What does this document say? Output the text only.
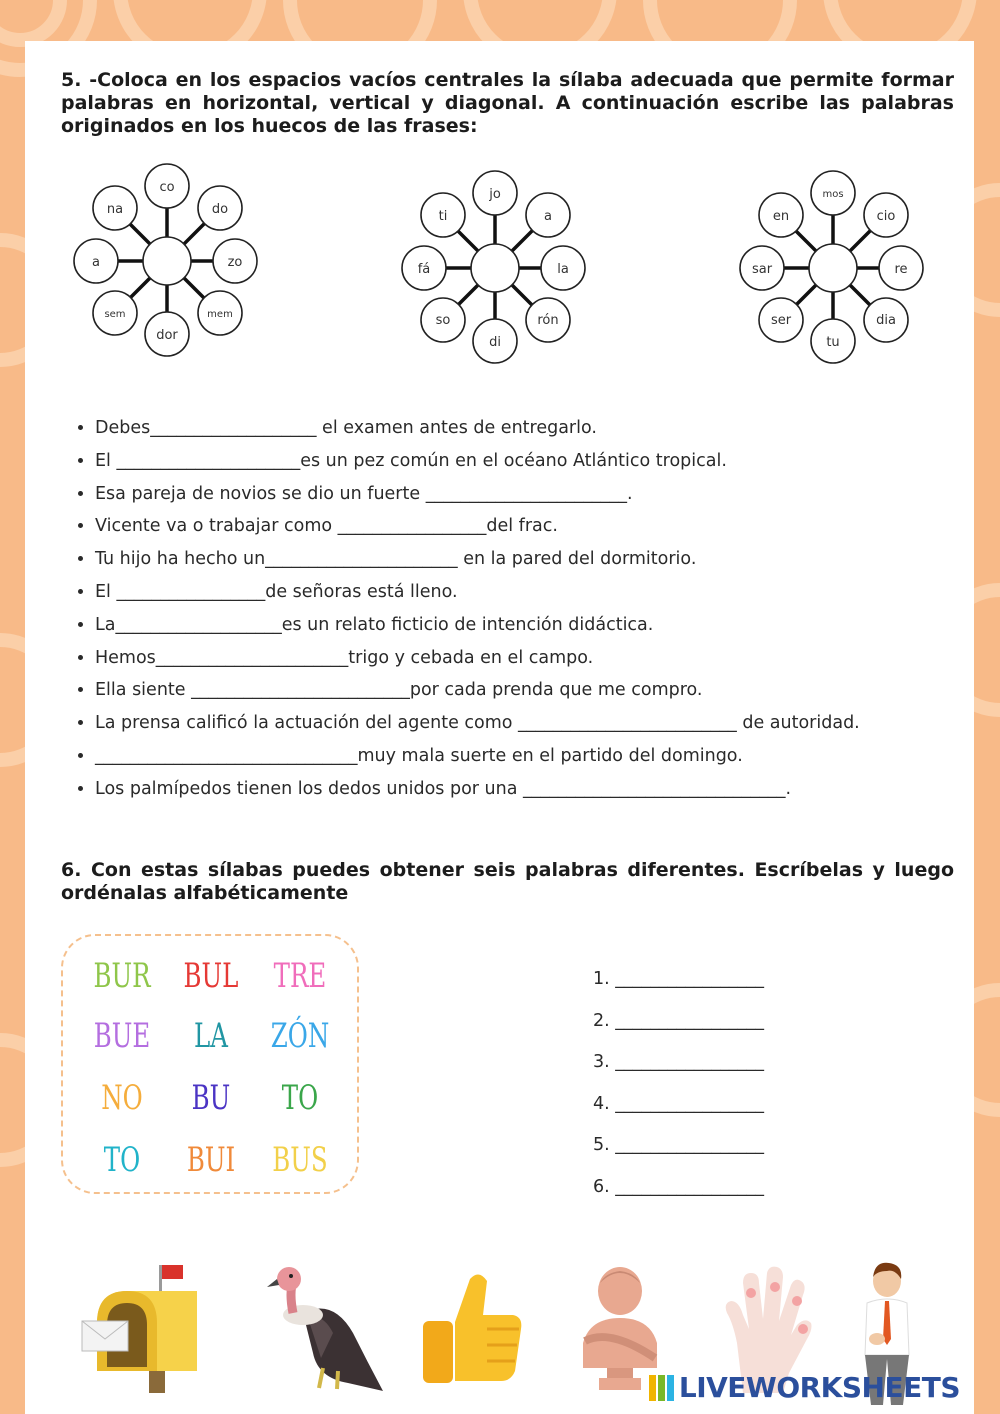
5. -Coloca en los espacios vacíos centrales la sílaba adecuada que permite formar palabras en horizontal, vertical y diagonal. A continuación escribe las palabras originados en los huecos de las frases:

co
do
zo
mem
dor
sem
a
na
jo
a
la
rón
di
so
fá
ti
mos
cio
re
dia
tu
ser
sar
en
• Debes___________________ el examen antes de entregarlo.
• El _____________________es un pez común en el océano Atlántico tropical.
• Esa pareja de novios se dio un fuerte _______________________.
• Vicente va o trabajar como _________________del frac.
• Tu hijo ha hecho un______________________ en la pared del dormitorio.
• El _________________de señoras está lleno.
• La___________________es un relato ficticio de intención didáctica.
• Hemos______________________trigo y cebada en el campo.
• Ella siente _________________________por cada prenda que me compro.
• La prensa calificó la actuación del agente como _________________________ de autoridad.
• ______________________________muy mala suerte en el partido del domingo.
• Los palmípedos tienen los dedos unidos por una ______________________________.

6. Con estas sílabas puedes obtener seis palabras diferentes. Escríbelas y luego ordénalas alfabéticamente

BUR BUL TRE
BUE	LA	ZÓN
NO	BU	TO
TO	BUI BUS
1. _________________
2. _________________
3. _________________
4. _________________
5. _________________
6. _________________
LIVEWORKSHEETS
